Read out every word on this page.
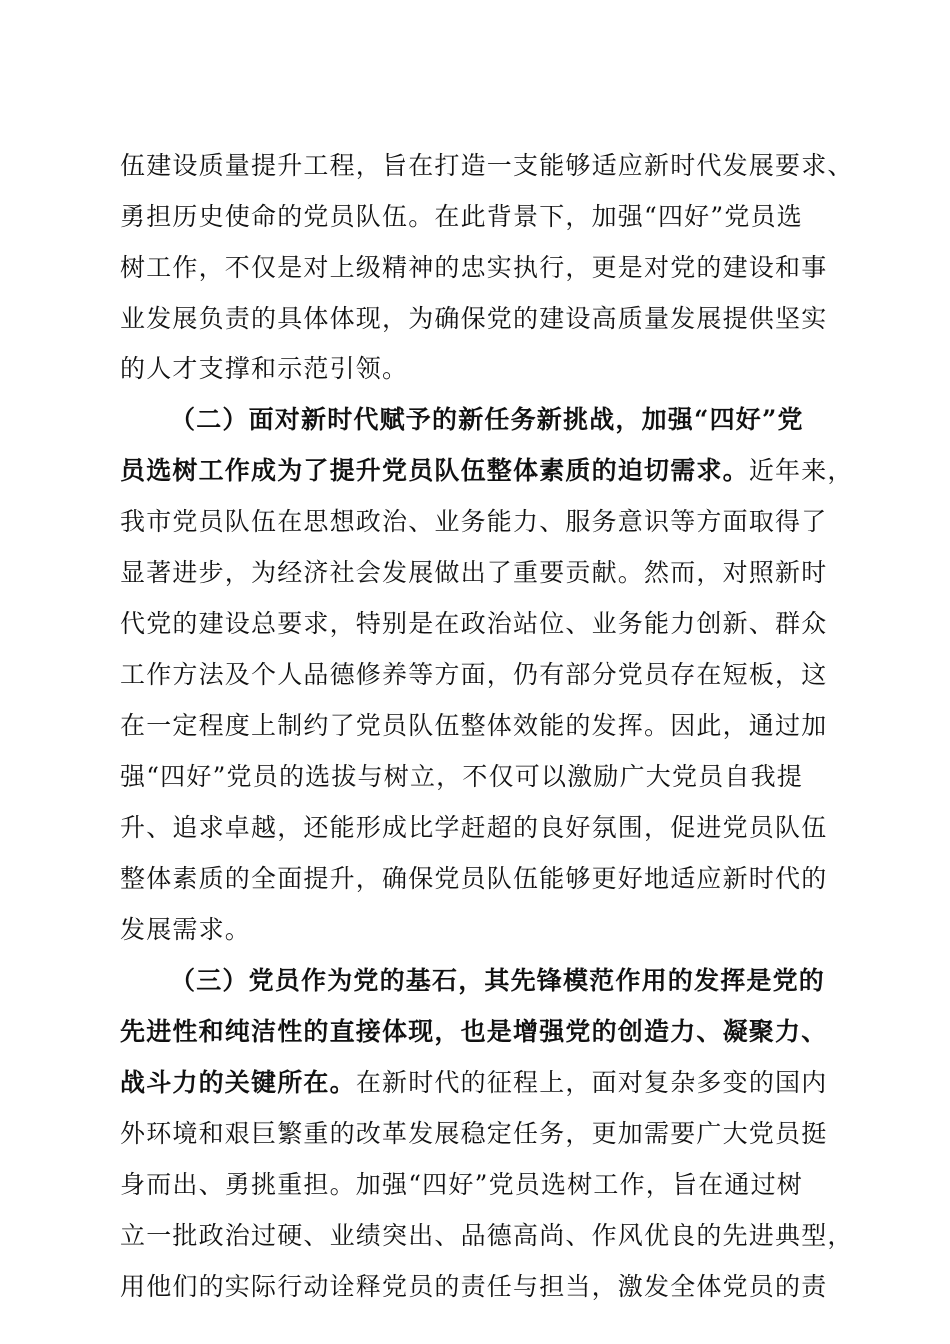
伍建设质量提升工程，旨在打造一支能够适应新时代发展要求、
勇担历史使命的党员队伍。在此背景下，加强“四好”党员选
树工作，不仅是对上级精神的忠实执行，更是对党的建设和事
业发展负责的具体体现，为确保党的建设高质量发展提供坚实
的人才支撑和示范引领。
（二）面对新时代赋予的新任务新挑战，加强“四好”党
员选树工作成为了提升党员队伍整体素质的迫切需求。近年来，
我市党员队伍在思想政治、业务能力、服务意识等方面取得了
显著进步，为经济社会发展做出了重要贡献。然而，对照新时
代党的建设总要求，特别是在政治站位、业务能力创新、群众
工作方法及个人品德修养等方面，仍有部分党员存在短板，这
在一定程度上制约了党员队伍整体效能的发挥。因此，通过加
强“四好”党员的选拔与树立，不仅可以激励广大党员自我提
升、追求卓越，还能形成比学赶超的良好氛围，促进党员队伍
整体素质的全面提升，确保党员队伍能够更好地适应新时代的
发展需求。
（三）党员作为党的基石，其先锋模范作用的发挥是党的
先进性和纯洁性的直接体现，也是增强党的创造力、凝聚力、
战斗力的关键所在。在新时代的征程上，面对复杂多变的国内
外环境和艰巨繁重的改革发展稳定任务，更加需要广大党员挺
身而出、勇挑重担。加强“四好”党员选树工作，旨在通过树
立一批政治过硬、业绩突出、品德高尚、作风优良的先进典型，
用他们的实际行动诠释党员的责任与担当，激发全体党员的责
